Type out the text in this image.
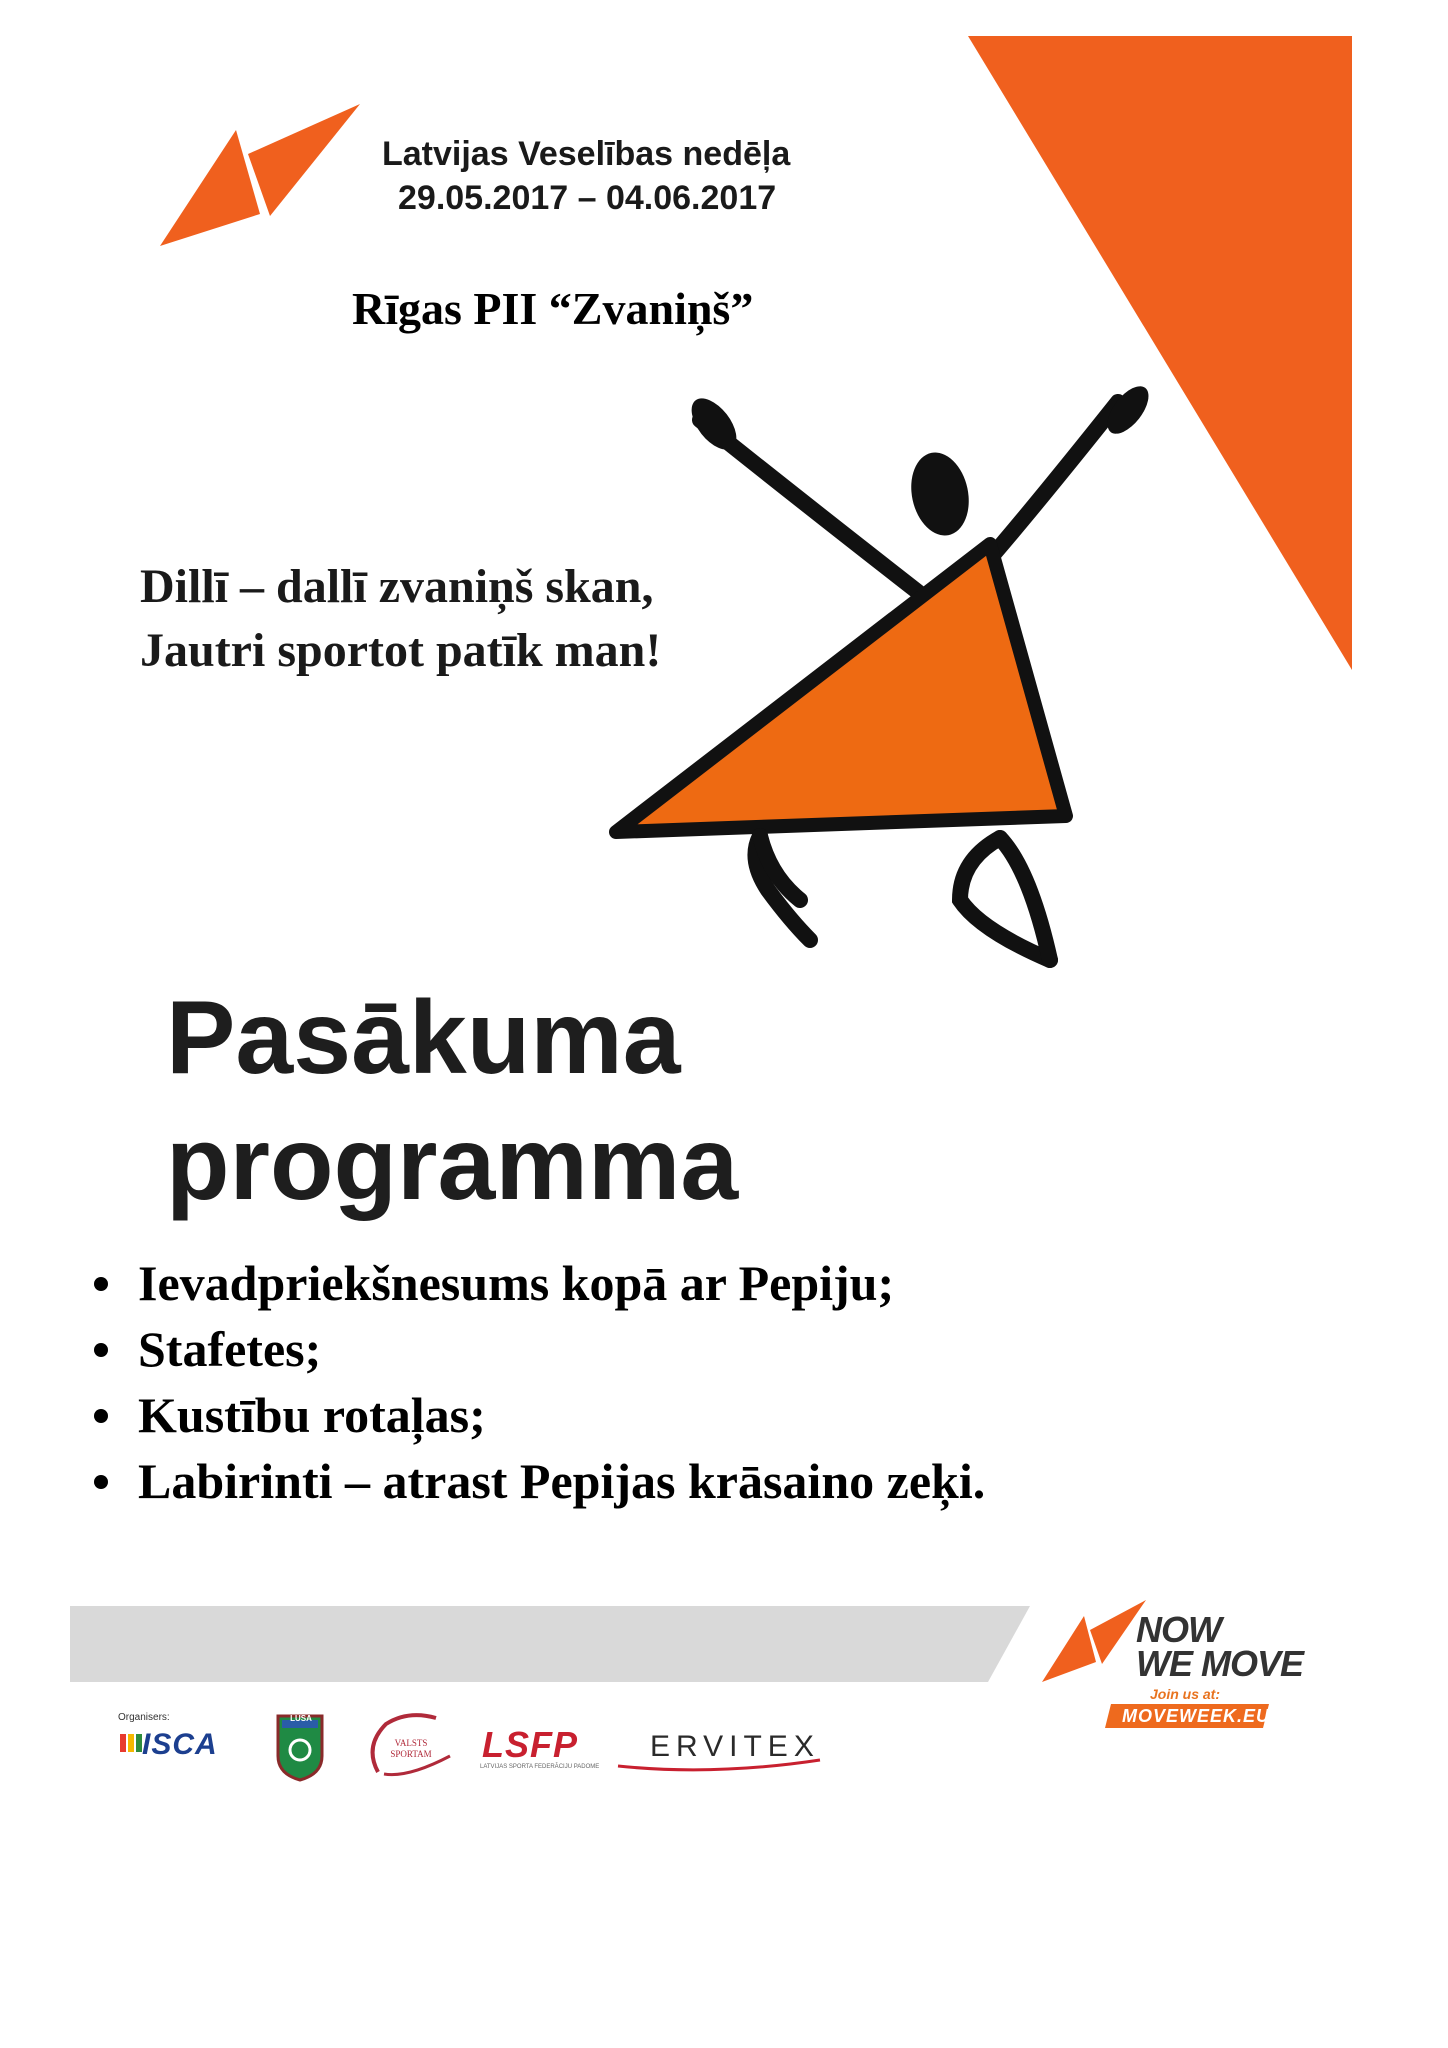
Latvijas Veselības nedēļa
29.05.2017 – 04.06.2017
Rīgas PII “Zvaniņš”
Dillī – dallī zvaniņš skan,
Jautri sportot patīk man!
Pasākuma
programma
Ievadpriekšnesums kopā ar Pepiju;
Stafetes;
Kustību rotaļas;
Labirinti – atrast Pepijas krāsaino zeķi.
NOW
WE MOVE
Join us at:
MOVEWEEK.EU
Organisers:
ISCA
LUSA
VALSTS SPORTAM	LSFP
LATVIJAS SPORTA FEDERĀCIJU PADOME
ERVITEX
